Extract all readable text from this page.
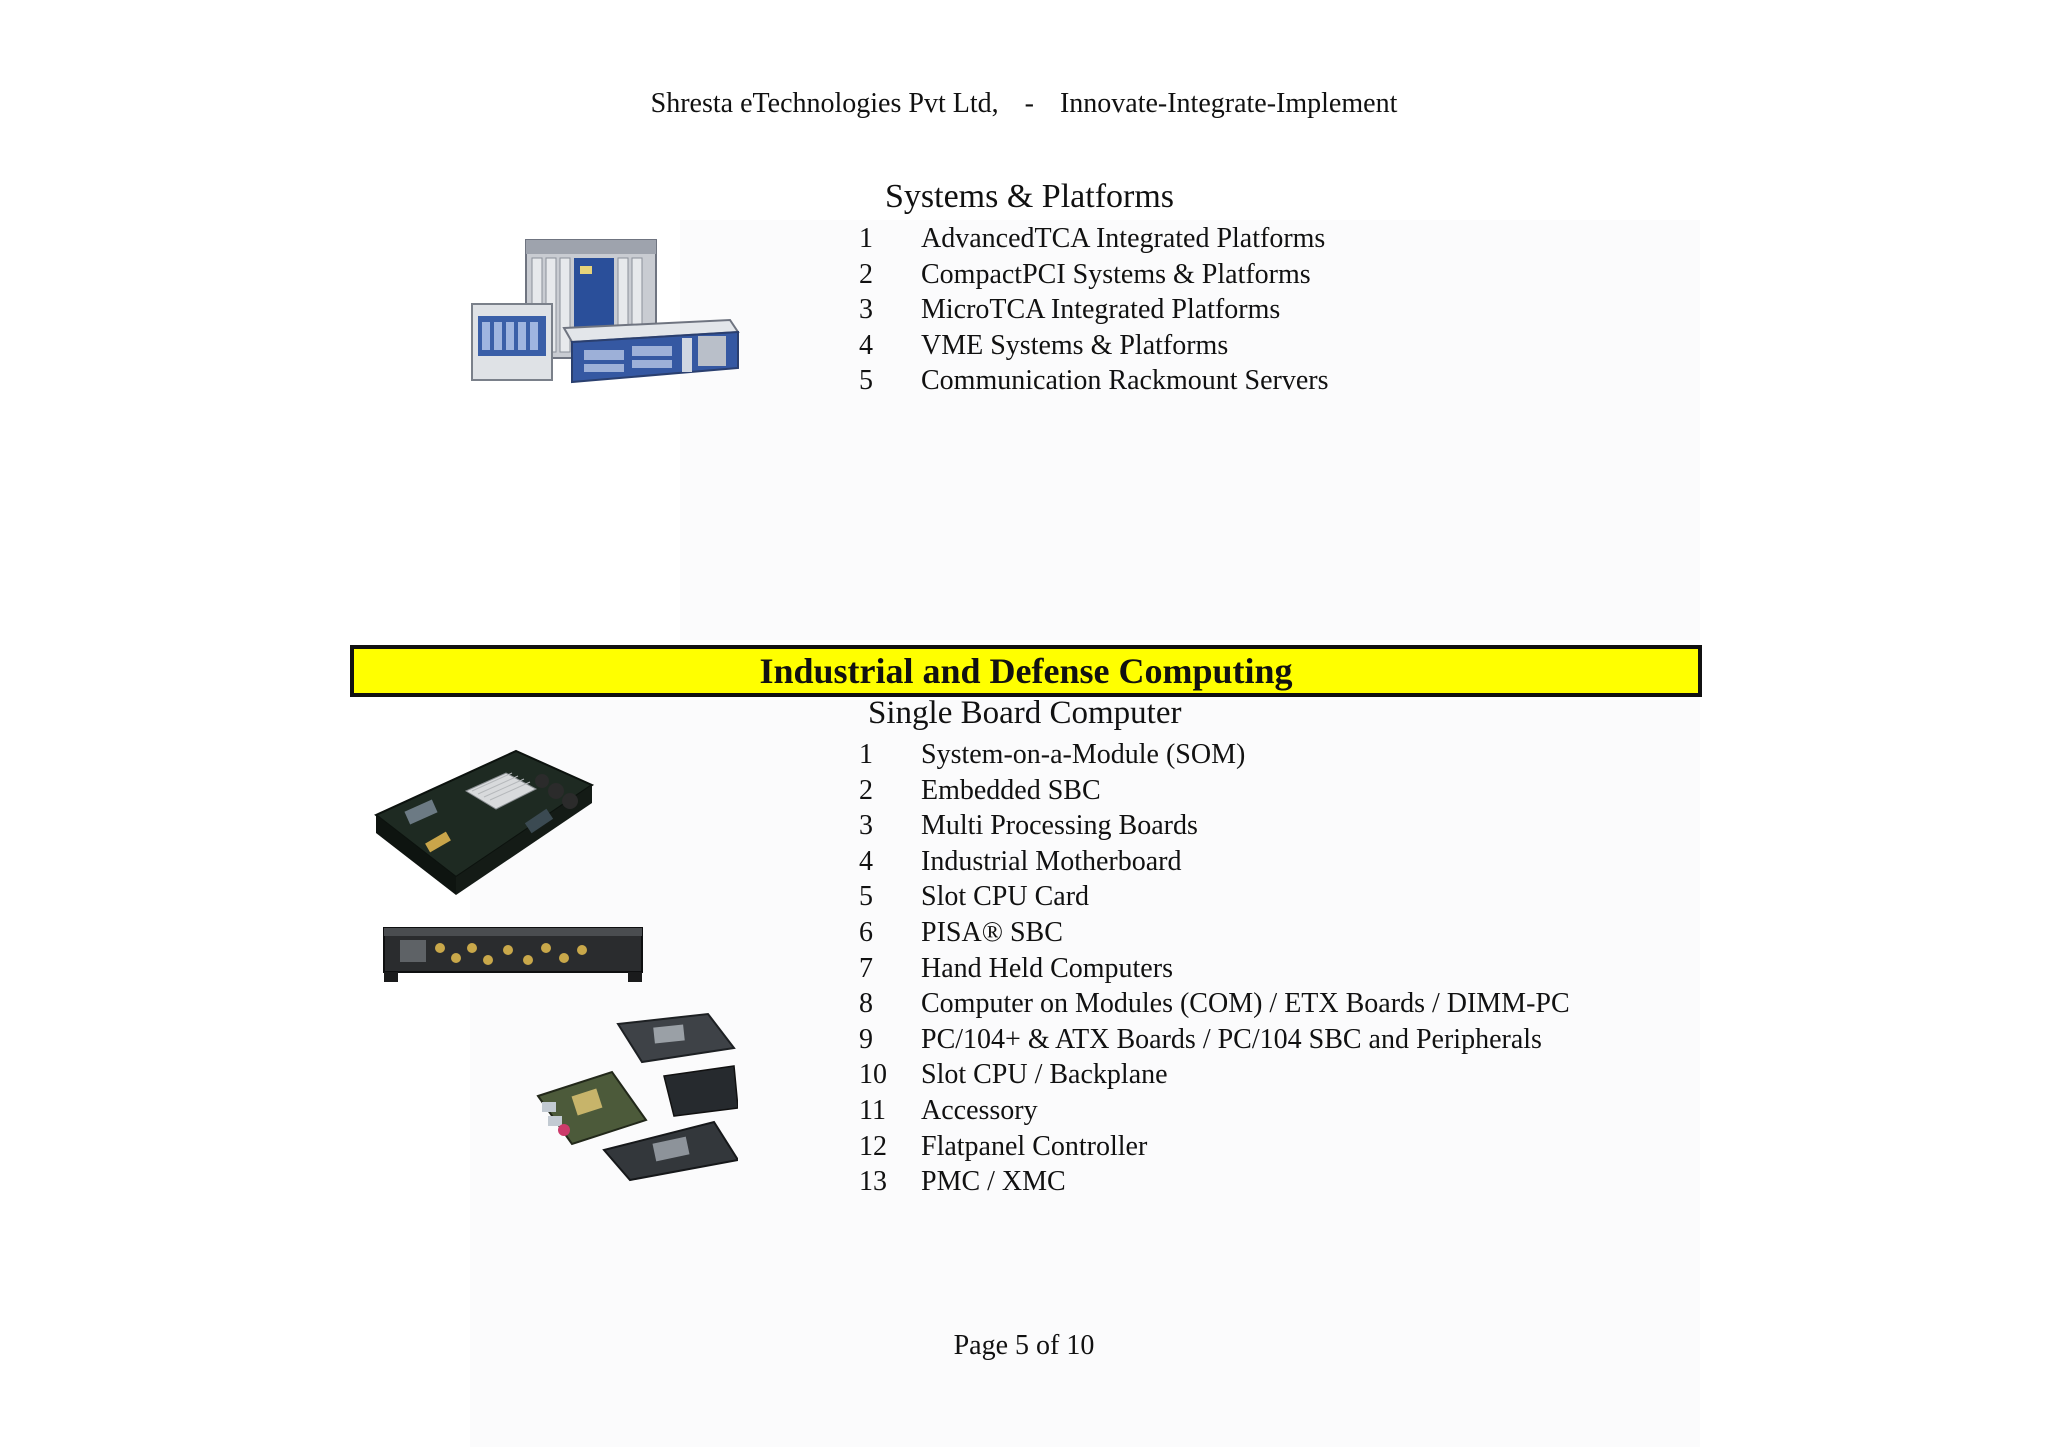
Shresta eTechnologies Pvt Ltd, - Innovate-Integrate-Implement
Systems & Platforms
1 AdvancedTCA Integrated Platforms
2 CompactPCI Systems & Platforms
3 MicroTCA Integrated Platforms
4 VME Systems & Platforms
5 Communication Rackmount Servers
Industrial and Defense Computing
Single Board Computer
1 System-on-a-Module (SOM)
2 Embedded SBC
3 Multi Processing Boards
4 Industrial Motherboard
5 Slot CPU Card
6 PISA® SBC
7 Hand Held Computers
8 Computer on Modules (COM) / ETX Boards / DIMM-PC
9 PC/104+ & ATX Boards / PC/104 SBC and Peripherals
10 Slot CPU / Backplane
11 Accessory
12 Flatpanel Controller
13 PMC / XMC
Page 5 of 10
